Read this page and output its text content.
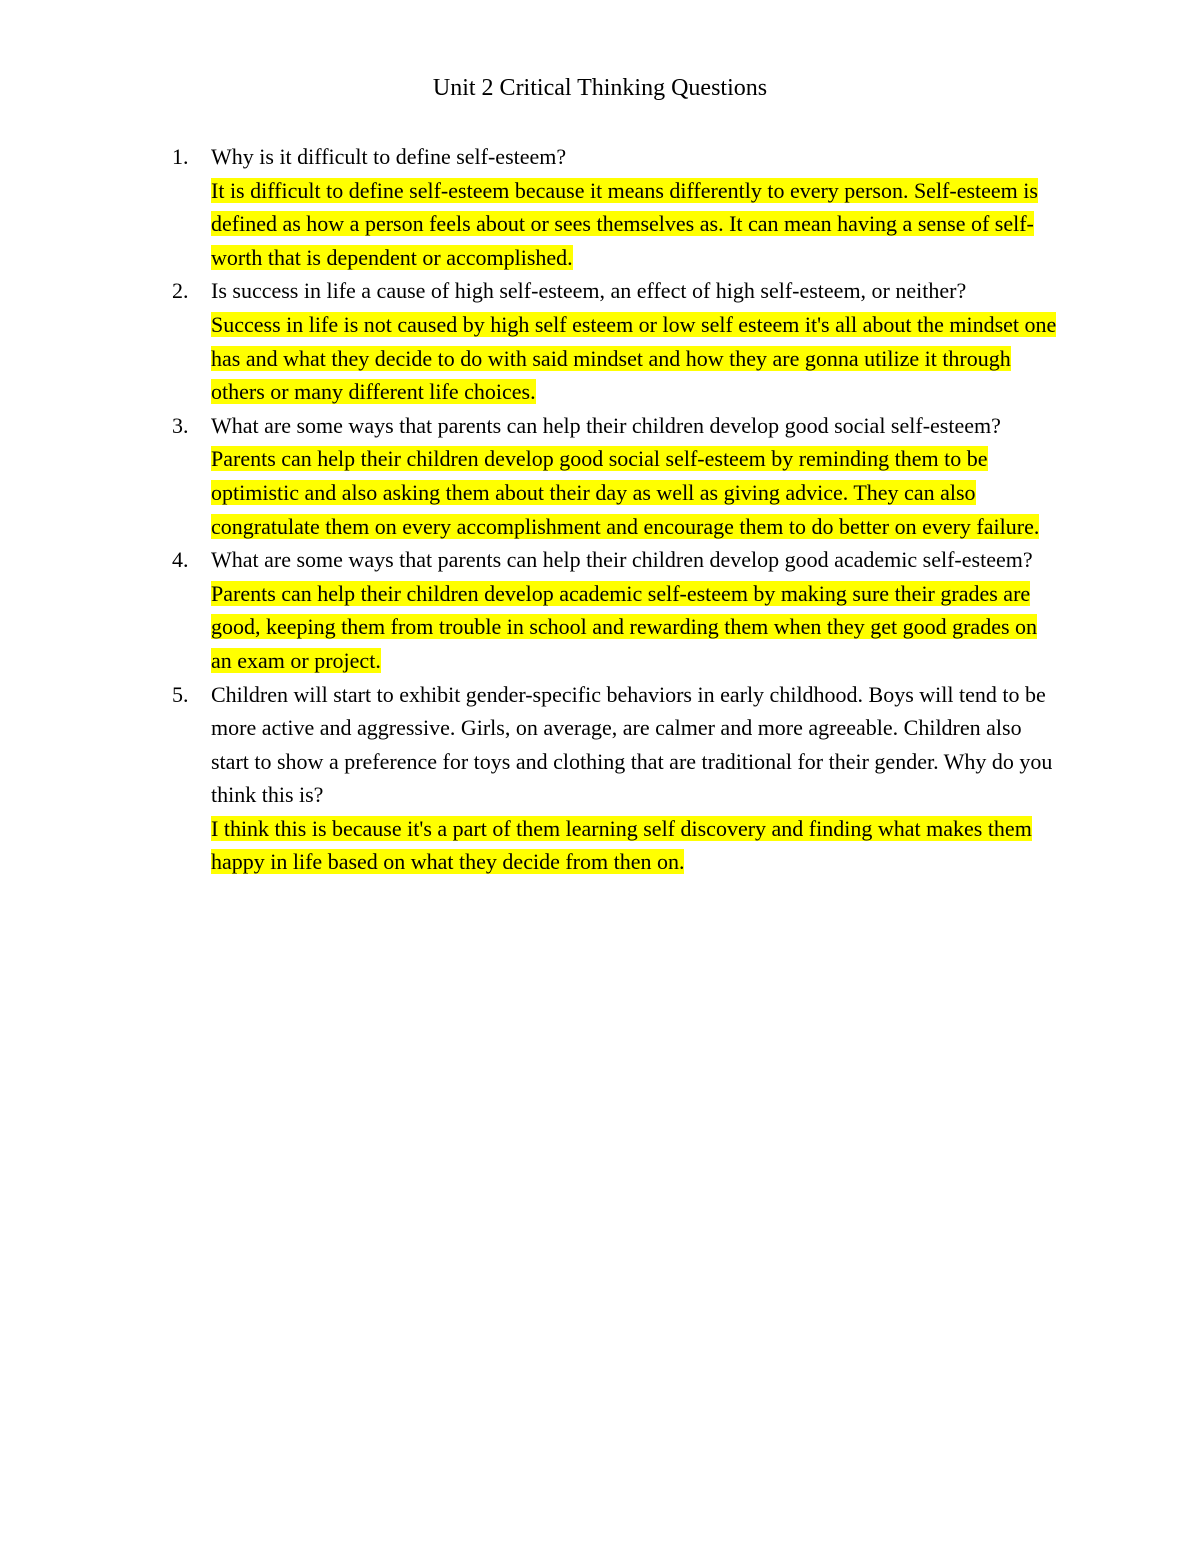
Unit 2 Critical Thinking Questions
1. Why is it difficult to define self-esteem?
It is difficult to define self-esteem because it means differently to every person. Self-esteem is defined as how a person feels about or sees themselves as. It can mean having a sense of self-worth that is dependent or accomplished.
2. Is success in life a cause of high self-esteem, an effect of high self-esteem, or neither?
Success in life is not caused by high self esteem or low self esteem it's all about the mindset one has and what they decide to do with said mindset and how they are gonna utilize it through others or many different life choices.
3. What are some ways that parents can help their children develop good social self-esteem?
Parents can help their children develop good social self-esteem by reminding them to be optimistic and also asking them about their day as well as giving advice. They can also congratulate them on every accomplishment and encourage them to do better on every failure.
4. What are some ways that parents can help their children develop good academic self-esteem?
Parents can help their children develop academic self-esteem by making sure their grades are good, keeping them from trouble in school and rewarding them when they get good grades on an exam or project.
5. Children will start to exhibit gender-specific behaviors in early childhood. Boys will tend to be more active and aggressive. Girls, on average, are calmer and more agreeable. Children also start to show a preference for toys and clothing that are traditional for their gender. Why do you think this is?
I think this is because it's a part of them learning self discovery and finding what makes them happy in life based on what they decide from then on.
